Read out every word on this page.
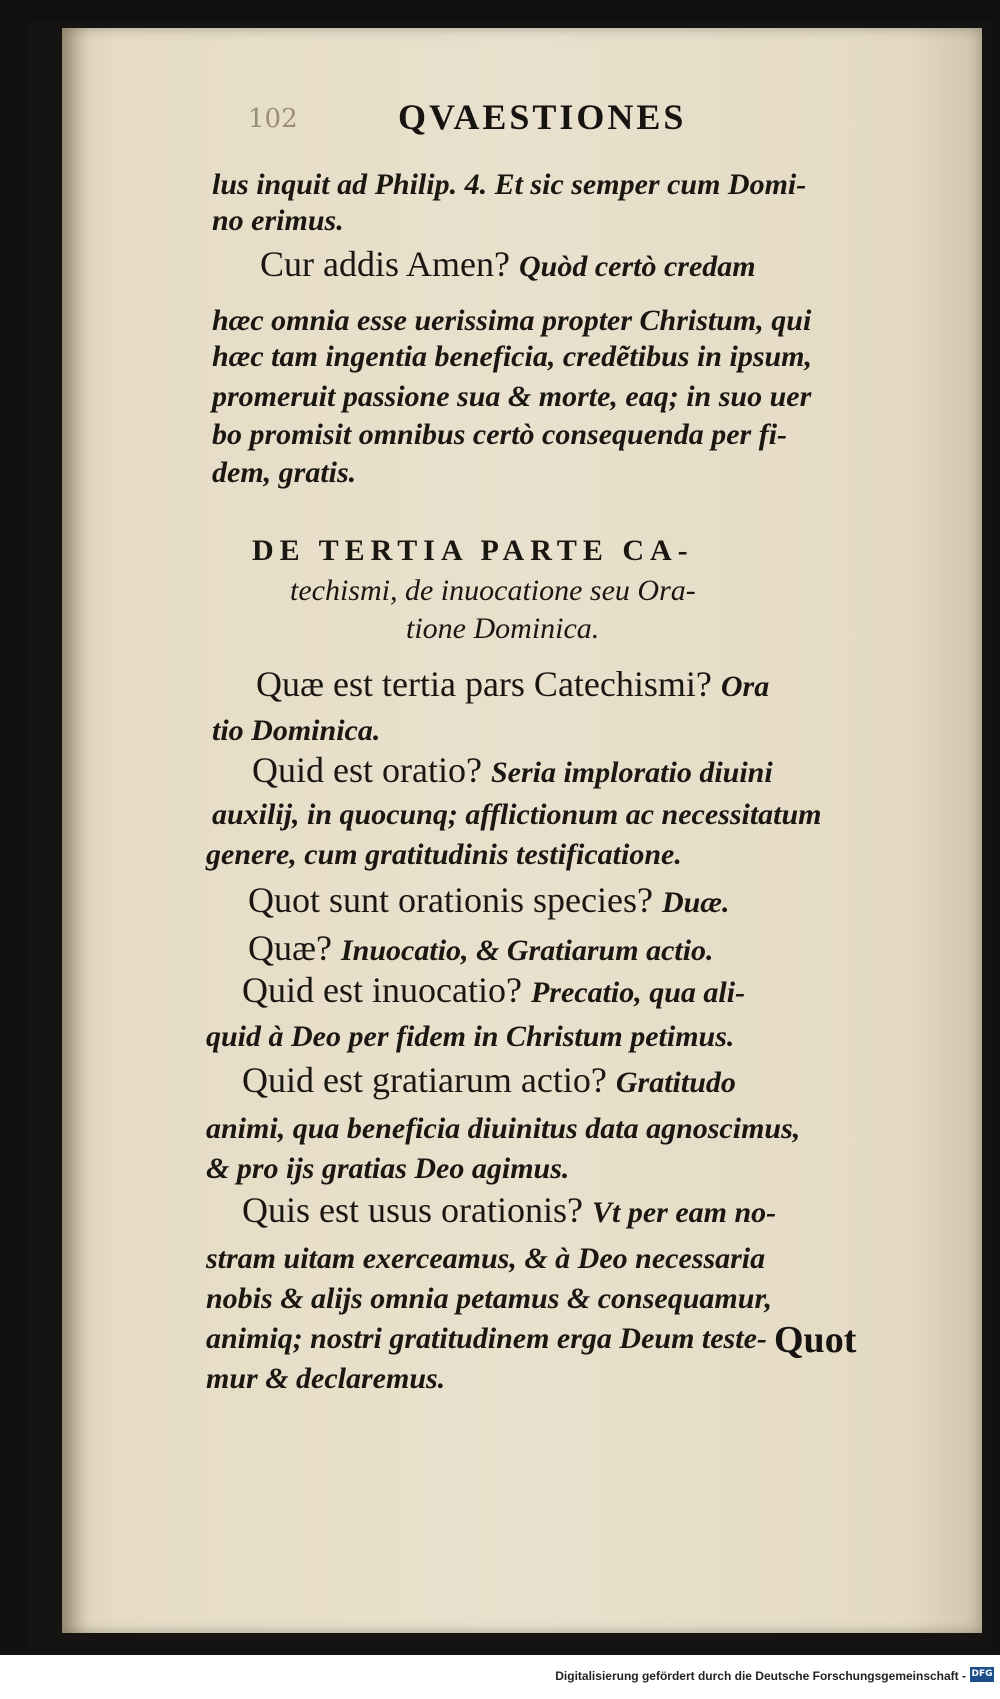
102	QVAESTIONES
lus inquit ad Philip. 4. Et sic semper cum Domi-
no erimus.
Cur addis Amen? Quòd certò credam
hæc omnia esse uerissima propter Christum, qui
hæc tam ingentia beneficia, credẽtibus in ipsum,
promeruit passione sua & morte, eaq; in suo uer
bo promisit omnibus certò consequenda per fi-
dem, gratis.
DE TERTIA PARTE CA-
techismi, de inuocatione seu Ora-
tione Dominica.
Quæ est tertia pars Catechismi? Ora
tio Dominica.
Quid est oratio? Seria imploratio diuini
auxilij, in quocunq; afflictionum ac necessitatum
genere, cum gratitudinis testificatione.
Quot sunt orationis species? Duæ.
Quæ? Inuocatio, & Gratiarum actio.
Quid est inuocatio? Precatio, qua ali-
quid à Deo per fidem in Christum petimus.
Quid est gratiarum actio? Gratitudo
animi, qua beneficia diuinitus data agnoscimus,
& pro ijs gratias Deo agimus.
Quis est usus orationis? Vt per eam no-
stram uitam exerceamus, & à Deo necessaria
nobis & alijs omnia petamus & consequamur,
animiq; nostri gratitudinem erga Deum teste-
mur & declaremus.
Quot
Digitalisierung gefördert durch die Deutsche Forschungsgemeinschaft - DFG
